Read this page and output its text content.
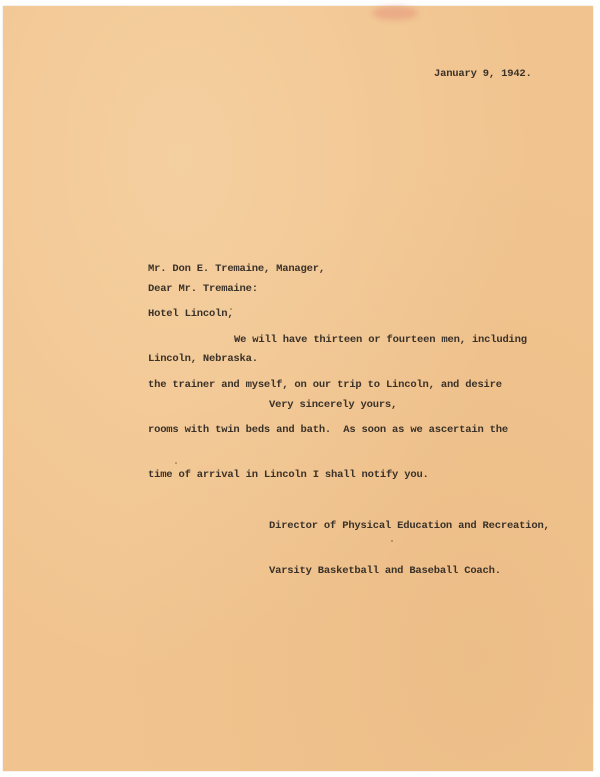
January 9, 1942.

Mr. Don E. Tremaine, Manager,

Hotel Lincoln,

Lincoln, Nebraska.

Dear Mr. Tremaine:

We will have thirteen or fourteen men, including

the trainer and myself, on our trip to Lincoln, and desire

rooms with twin beds and bath.  As soon as we ascertain the

time of arrival in Lincoln I shall notify you.

Very sincerely yours,

Director of Physical Education and Recreation,

Varsity Basketball and Baseball Coach.
